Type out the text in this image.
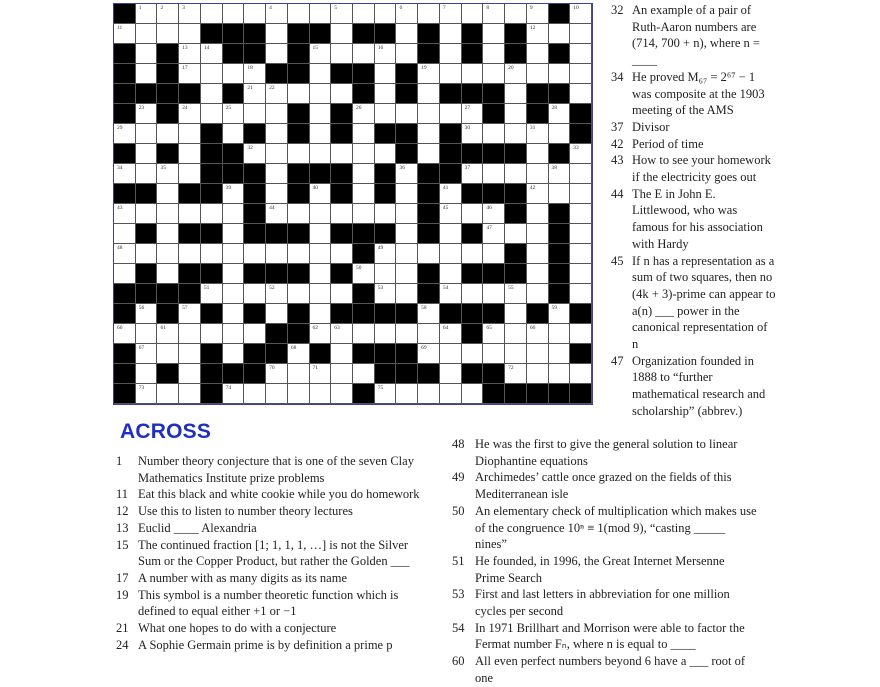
1	2	3	4	5	6	7	8	9	10
11	12
13	14	15	16
17	18	19	20
21	22
23	24	25	26	27	28
29	30	31
32	33
34	35	36	37	38
39	40	41	42
43	44	45	46
47
48	49
50
51	52	53	54	55
56	57	58	59
60	61	62	63	64	65	66
67	68	69
70	71	72
73	74	75
32 An example of a pair of Ruth-Aaron numbers are (714, 700 + n), where n = ____
34 He proved M₆₇ = 2⁶⁷ − 1 was composite at the 1903 meeting of the AMS
37 Divisor
42 Period of time
43 How to see your homework if the electricity goes out
44 The E in John E. Littlewood, who was famous for his association with Hardy
45 If n has a representation as a sum of two squares, then no (4k + 3)-prime can appear to a(n) ___ power in the canonical representation of n
47 Organization founded in 1888 to “further mathematical research and scholarship” (abbrev.)
ACROSS
1	Number theory conjecture that is one of the seven Clay Mathematics Institute prize problems
11 Eat this black and white cookie while you do homework
12 Use this to listen to number theory lectures
13 Euclid ____ Alexandria
15 The continued fraction [1; 1, 1, 1, …] is not the Silver Sum or the Copper Product, but rather the Golden ___
17 A number with as many digits as its name
19 This symbol is a number theoretic function which is defined to equal either +1 or −1
21 What one hopes to do with a conjecture
24 A Sophie Germain prime is by definition a prime p
48 He was the first to give the general solution to linear Diophantine equations
49 Archimedes’ cattle once grazed on the fields of this Mediterranean isle
50 An elementary check of multiplication which makes use of the congruence 10ⁿ ≡ 1(mod 9), “casting _____ nines”
51 He founded, in 1996, the Great Internet Mersenne Prime Search
53 First and last letters in abbreviation for one million cycles per second
54 In 1971 Brillhart and Morrison were able to factor the Fermat number Fₙ, where n is equal to ____
60 All even perfect numbers beyond 6 have a ___ root of one
